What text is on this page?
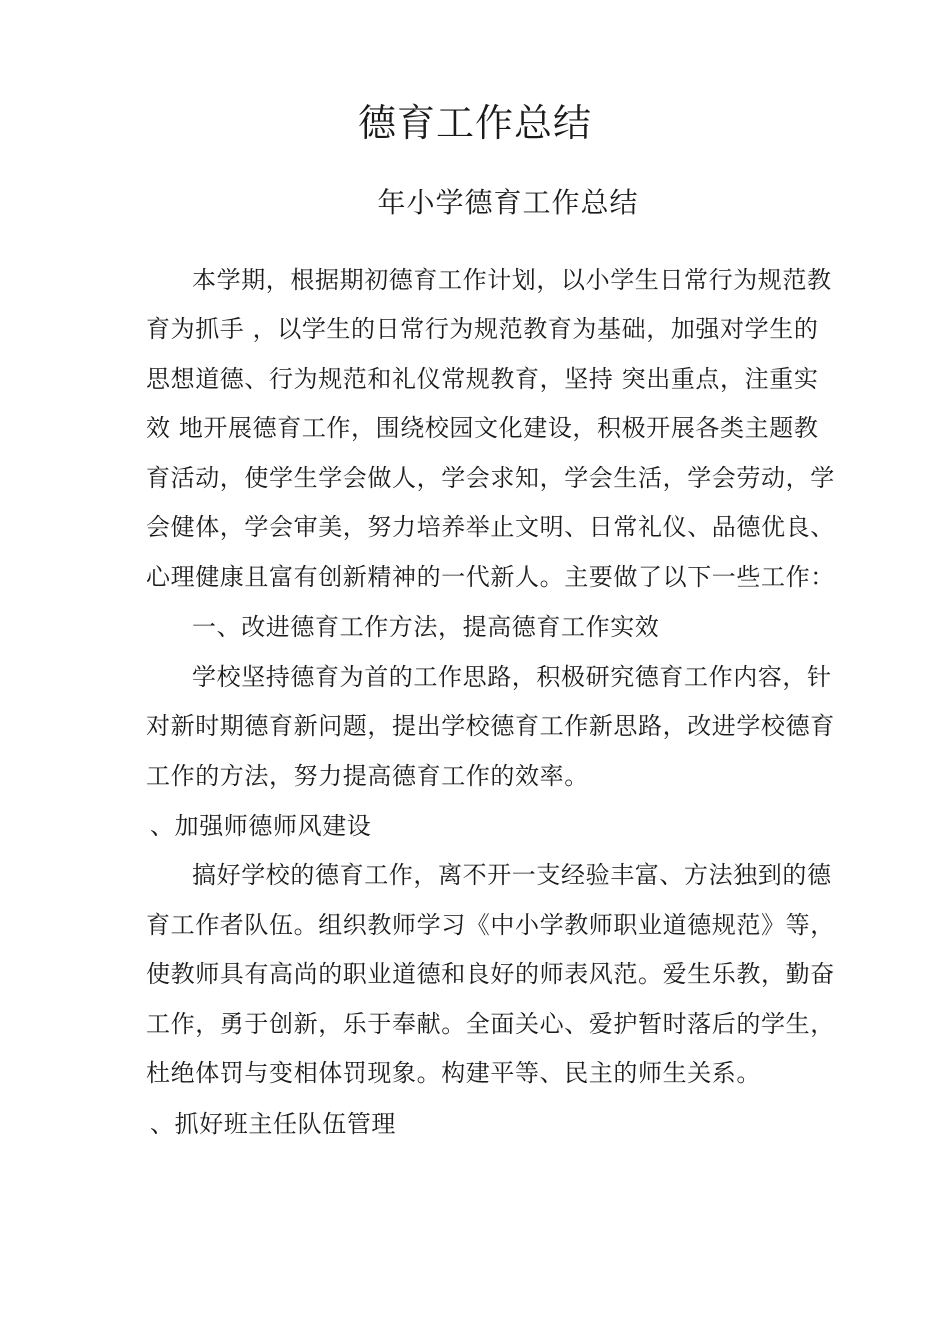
德育工作总结
年小学德育工作总结
本学期，根据期初德育工作计划，以小学生日常行为规范教
育为抓手 ，以学生的日常行为规范教育为基础，加强对学生的
思想道德、行为规范和礼仪常规教育，坚持 突出重点，注重实
效 地开展德育工作，围绕校园文化建设，积极开展各类主题教
育活动，使学生学会做人，学会求知，学会生活，学会劳动，学
会健体，学会审美，努力培养举止文明、日常礼仪、品德优良、
心理健康且富有创新精神的一代新人。主要做了以下一些工作：
一、改进德育工作方法，提高德育工作实效
学校坚持德育为首的工作思路，积极研究德育工作内容，针
对新时期德育新问题，提出学校德育工作新思路，改进学校德育
工作的方法，努力提高德育工作的效率。
、加强师德师风建设
搞好学校的德育工作，离不开一支经验丰富、方法独到的德
育工作者队伍。组织教师学习《中小学教师职业道德规范》等，
使教师具有高尚的职业道德和良好的师表风范。爱生乐教，勤奋
工作，勇于创新，乐于奉献。全面关心、爱护暂时落后的学生，
杜绝体罚与变相体罚现象。构建平等、民主的师生关系。
、抓好班主任队伍管理
